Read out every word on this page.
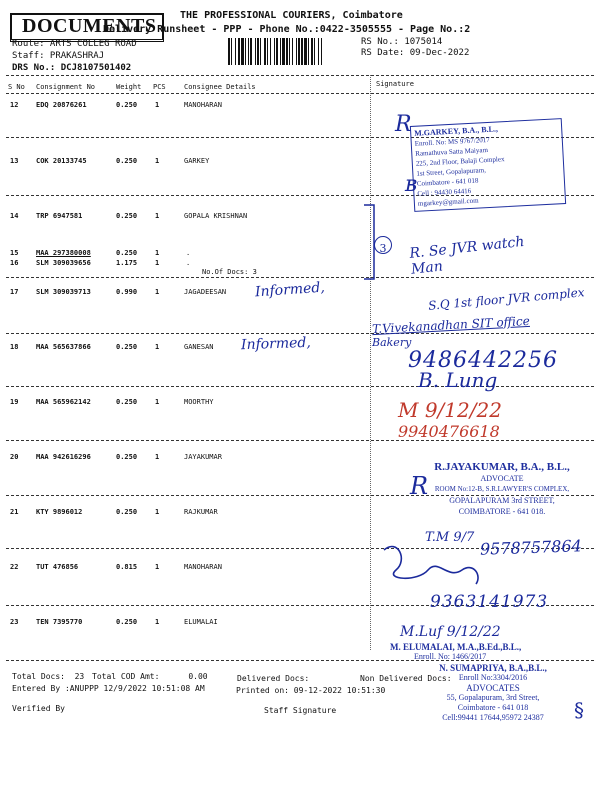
DOCUMENTS THE PROFESSIONAL COURIERS, Coimbatore
Delivery Runsheet - PPP - Phone No.:0422-3505555 - Page No.:2
Route: ARTS COLLEG ROAD
Staff: PRAKASHRAJ
DRS No.: DCJ8107501402
RS No.: 1075014
RS Date: 09-Dec-2022
S No Consignment No	Weight PCS	Consignee Details	Signature
12	EDQ 20876261	0.250	1	MANOHARAN
13	COK 20133745	0.250	1	GARKEY
14	TRP 6947581	0.250	1	GOPALA KRISHNAN
15	MAA 297380008	0.250	1	.
16	SLM 309039656	1.175	1	.
No.Of Docs: 3
17	SLM 309039713	0.990	1	JAGADEESAN
18	MAA 565637866	0.250	1	GANESAN
19	MAA 565962142	0.250	1	MOORTHY
20	MAA 942616296	0.250	1	JAYAKUMAR
21	KTY 9896012	0.250	1	RAJKUMAR
22	TUT 476856	0.815	1	MANOHARAN
23	TEN 7395770	0.250	1	ELUMALAI
Informed,
Informed,
3	R. Se JVR watch Man
R M.GARKEY, B.A., B.L.,
Enroll. No: MS 9767/2017
Ramathuva Satta Maiyam
225, 2nd Floor, Balaji Complex
1st Street, Gopalapuram,
Coimbatore - 641 018
Cell : 94430 64416
mgarkey@gmail.com
ʙ
S.Q 1st floor JVR complex
T.Vivekanadhan SIT office
Bakery
9486442256
B. Lung
M 9/12/22
9940476618
R.JAYAKUMAR, B.A., B.L.,
ADVOCATE
ROOM No:12-B, S.R.LAWYER'S COMPLEX,
GOPALAPURAM 3rd STREET,
COIMBATORE - 641 018.
R
T.M 9/7 9578757864
9363141973
M.Luf 9/12/22
M. ELUMALAI, M.A.,B.Ed.,B.L.,
Enroll. No: 1466/2017
N. SUMAPRIYA, B.A.,B.L.,
Enroll No:3304/2016
ADVOCATES
55, Gopalapuram, 3rd Street,
Coimbatore - 641 018
Cell:99441 17644,95972 24387	§
Total Docs:  23 Total COD Amt:      0.00	Delivered Docs:	Non Delivered Docs:
Entered By :ANUPPP 12/9/2022 10:51:08 AM	Printed on: 09-12-2022 10:51:30
Verified By	Staff Signature
